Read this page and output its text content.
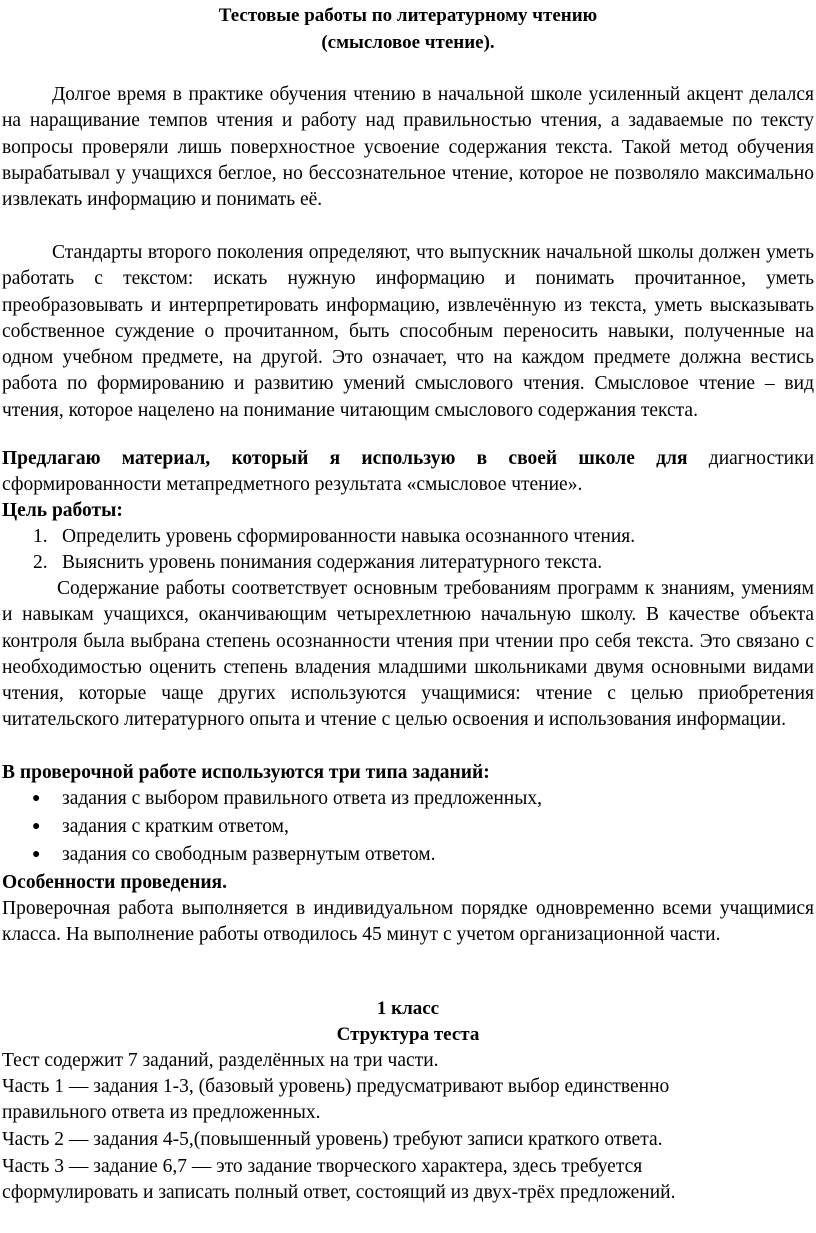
Тестовые работы по литературному чтению
(смысловое чтение).

Долгое время в практике обучения чтению в начальной школе усиленный акцент делался на наращивание темпов чтения и работу над правильностью чтения, а задаваемые по тексту вопросы проверяли лишь поверхностное усвоение содержания текста. Такой метод обучения вырабатывал у учащихся беглое, но бессознательное чтение, которое не позволяло максимально извлекать информацию и понимать её.

Стандарты второго поколения определяют, что выпускник начальной школы должен уметь работать с текстом: искать нужную информацию и понимать прочитанное, уметь преобразовывать и интерпретировать информацию, извлечённую из текста, уметь высказывать собственное суждение о прочитанном, быть способным переносить навыки, полученные на одном учебном предмете, на другой. Это означает, что на каждом предмете должна вестись работа по формированию и развитию умений смыслового чтения. Смысловое чтение – вид чтения, которое нацелено на понимание читающим смыслового содержания текста.

Предлагаю материал, который я использую в своей школе для диагностики сформированности метапредметного результата «смысловое чтение».

Цель работы:
1. Определить уровень сформированности навыка осознанного чтения.
2. Выяснить уровень понимания содержания литературного текста.

Содержание работы соответствует основным требованиям программ к знаниям, умениям и навыкам учащихся, оканчивающим четырехлетнюю начальную школу. В качестве объекта контроля была выбрана степень осознанности чтения при чтении про себя текста. Это связано с необходимостью оценить степень владения младшими школьниками двумя основными видами чтения, которые чаще других используются учащимися: чтение с целью приобретения читательского литературного опыта и чтение с целью освоения и использования информации.

В проверочной работе используются три типа заданий:
● задания с выбором правильного ответа из предложенных,
● задания с кратким ответом,
● задания со свободным развернутым ответом.
Особенности проведения.

Проверочная работа выполняется в индивидуальном порядке одновременно всеми учащимися класса. На выполнение работы отводилось 45 минут с учетом организационной части.

1 класс
Структура теста
Тест содержит 7 заданий, разделённых на три части.
Часть 1 — задания 1-3, (базовый уровень) предусматривают выбор единственно
правильного ответа из предложенных.
Часть 2 — задания 4-5,(повышенный уровень) требуют записи краткого ответа.
Часть 3 — задание 6,7 — это задание творческого характера, здесь требуется
сформулировать и записать полный ответ, состоящий из двух-трёх предложений.
